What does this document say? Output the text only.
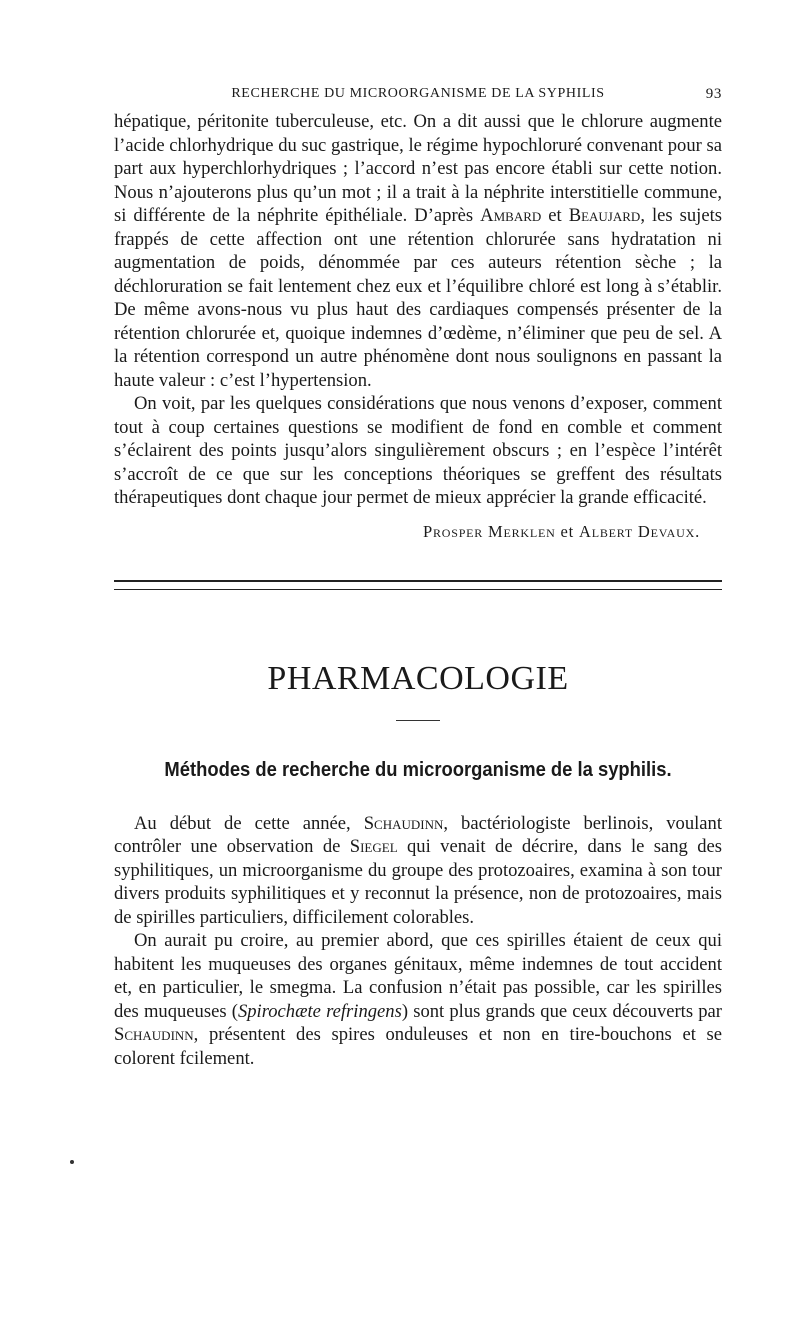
RECHERCHE DU MICROORGANISME DE LA SYPHILIS	93

hépatique, péritonite tuberculeuse, etc. On a dit aussi que le chlorure augmente l’acide chlorhydrique du suc gastrique, le régime hypochloruré convenant pour sa part aux hyperchlorhydriques ; l’accord n’est pas encore établi sur cette notion. Nous n’ajouterons plus qu’un mot ; il a trait à la néphrite interstitielle commune, si différente de la néphrite épithéliale. D’après Ambard et Beaujard, les sujets frappés de cette affection ont une rétention chlorurée sans hydratation ni augmentation de poids, dénommée par ces auteurs rétention sèche ; la déchloruration se fait lentement chez eux et l’équilibre chloré est long à s’établir. De même avons-nous vu plus haut des cardiaques compensés présenter de la rétention chlorurée et, quoique indemnes d’œdème, n’éliminer que peu de sel. A la rétention correspond un autre phénomène dont nous soulignons en passant la haute valeur : c’est l’hypertension.

On voit, par les quelques considérations que nous venons d’exposer, comment tout à coup certaines questions se modifient de fond en comble et comment s’éclairent des points jusqu’alors singulièrement obscurs ; en l’espèce l’intérêt s’accroît de ce que sur les conceptions théoriques se greffent des résultats thérapeutiques dont chaque jour permet de mieux apprécier la grande efficacité.

Prosper Merklen et Albert Devaux.
PHARMACOLOGIE
Méthodes de recherche du microorganisme de la syphilis.

Au début de cette année, Schaudinn, bactériologiste berlinois, voulant contrôler une observation de Siegel qui venait de décrire, dans le sang des syphilitiques, un microorganisme du groupe des protozoaires, examina à son tour divers produits syphilitiques et y reconnut la présence, non de protozoaires, mais de spirilles particuliers, difficilement colorables.

On aurait pu croire, au premier abord, que ces spirilles étaient de ceux qui habitent les muqueuses des organes génitaux, même indemnes de tout accident et, en particulier, le smegma. La confusion n’était pas possible, car les spirilles des muqueuses (Spirochæte refringens) sont plus grands que ceux découverts par Schaudinn, présentent des spires onduleuses et non en tire-bouchons et se colorent fcilement.
